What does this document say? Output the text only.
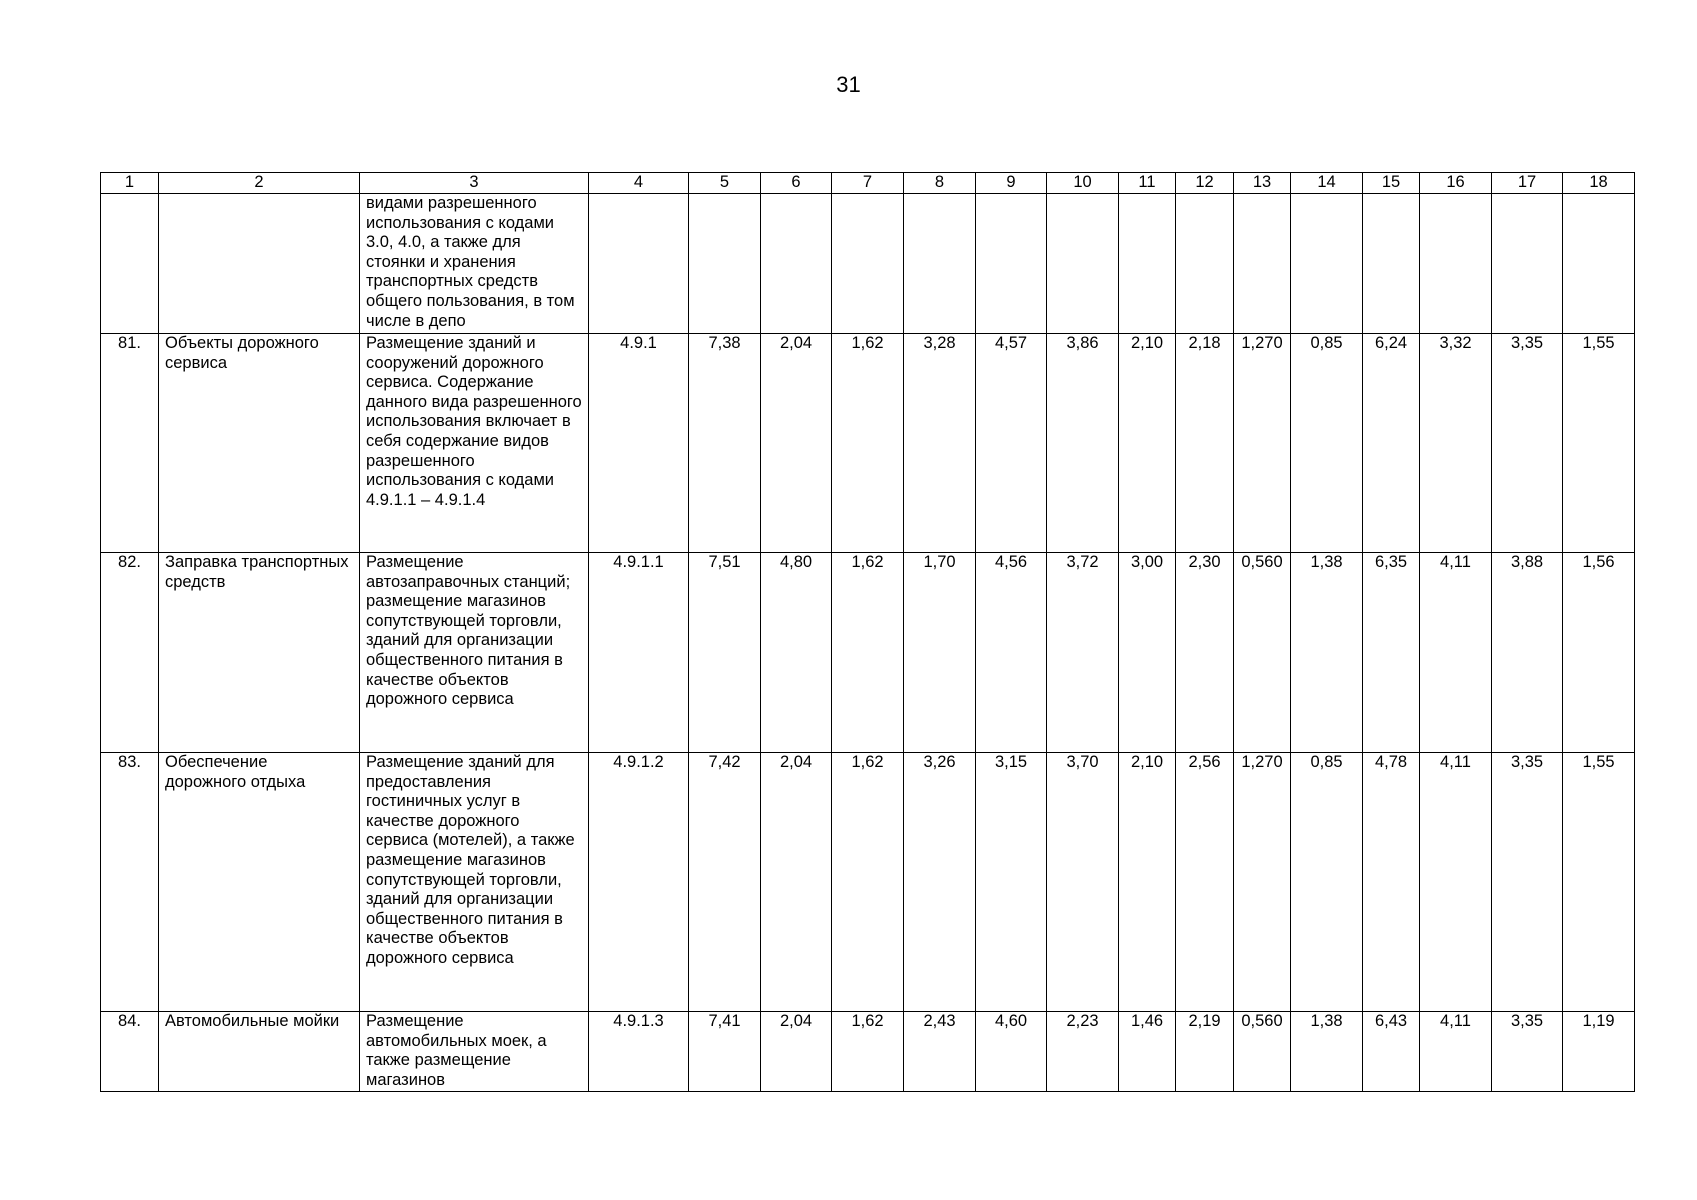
31
1	2	3	4	5	6	7	8	9	10	11	12	13	14	15	16	17	18
		видами разрешенного использования с кодами 3.0, 4.0, а также для стоянки и хранения транспортных средств общего пользования, в том числе в депо															
81.	Объекты дорожного сервиса	Размещение зданий и сооружений дорожного сервиса. Содержание данного вида разрешенного использования включает в себя содержание видов разрешенного использования с кодами 4.9.1.1 – 4.9.1.4	4.9.1	7,38	2,04	1,62	3,28	4,57	3,86	2,10	2,18	1,270	0,85	6,24	3,32	3,35	1,55
82.	Заправка транспортных средств	Размещение автозаправочных станций; размещение магазинов сопутствующей торговли, зданий для организации общественного питания в качестве объектов дорожного сервиса	4.9.1.1	7,51	4,80	1,62	1,70	4,56	3,72	3,00	2,30	0,560	1,38	6,35	4,11	3,88	1,56
83.	Обеспечение дорожного отдыха	Размещение зданий для предоставления гостиничных услуг в качестве дорожного сервиса (мотелей), а также размещение магазинов сопутствующей торговли, зданий для организации общественного питания в качестве объектов дорожного сервиса	4.9.1.2	7,42	2,04	1,62	3,26	3,15	3,70	2,10	2,56	1,270	0,85	4,78	4,11	3,35	1,55
84.	Автомобильные мойки	Размещение автомобильных моек, а также размещение магазинов	4.9.1.3	7,41	2,04	1,62	2,43	4,60	2,23	1,46	2,19	0,560	1,38	6,43	4,11	3,35	1,19
